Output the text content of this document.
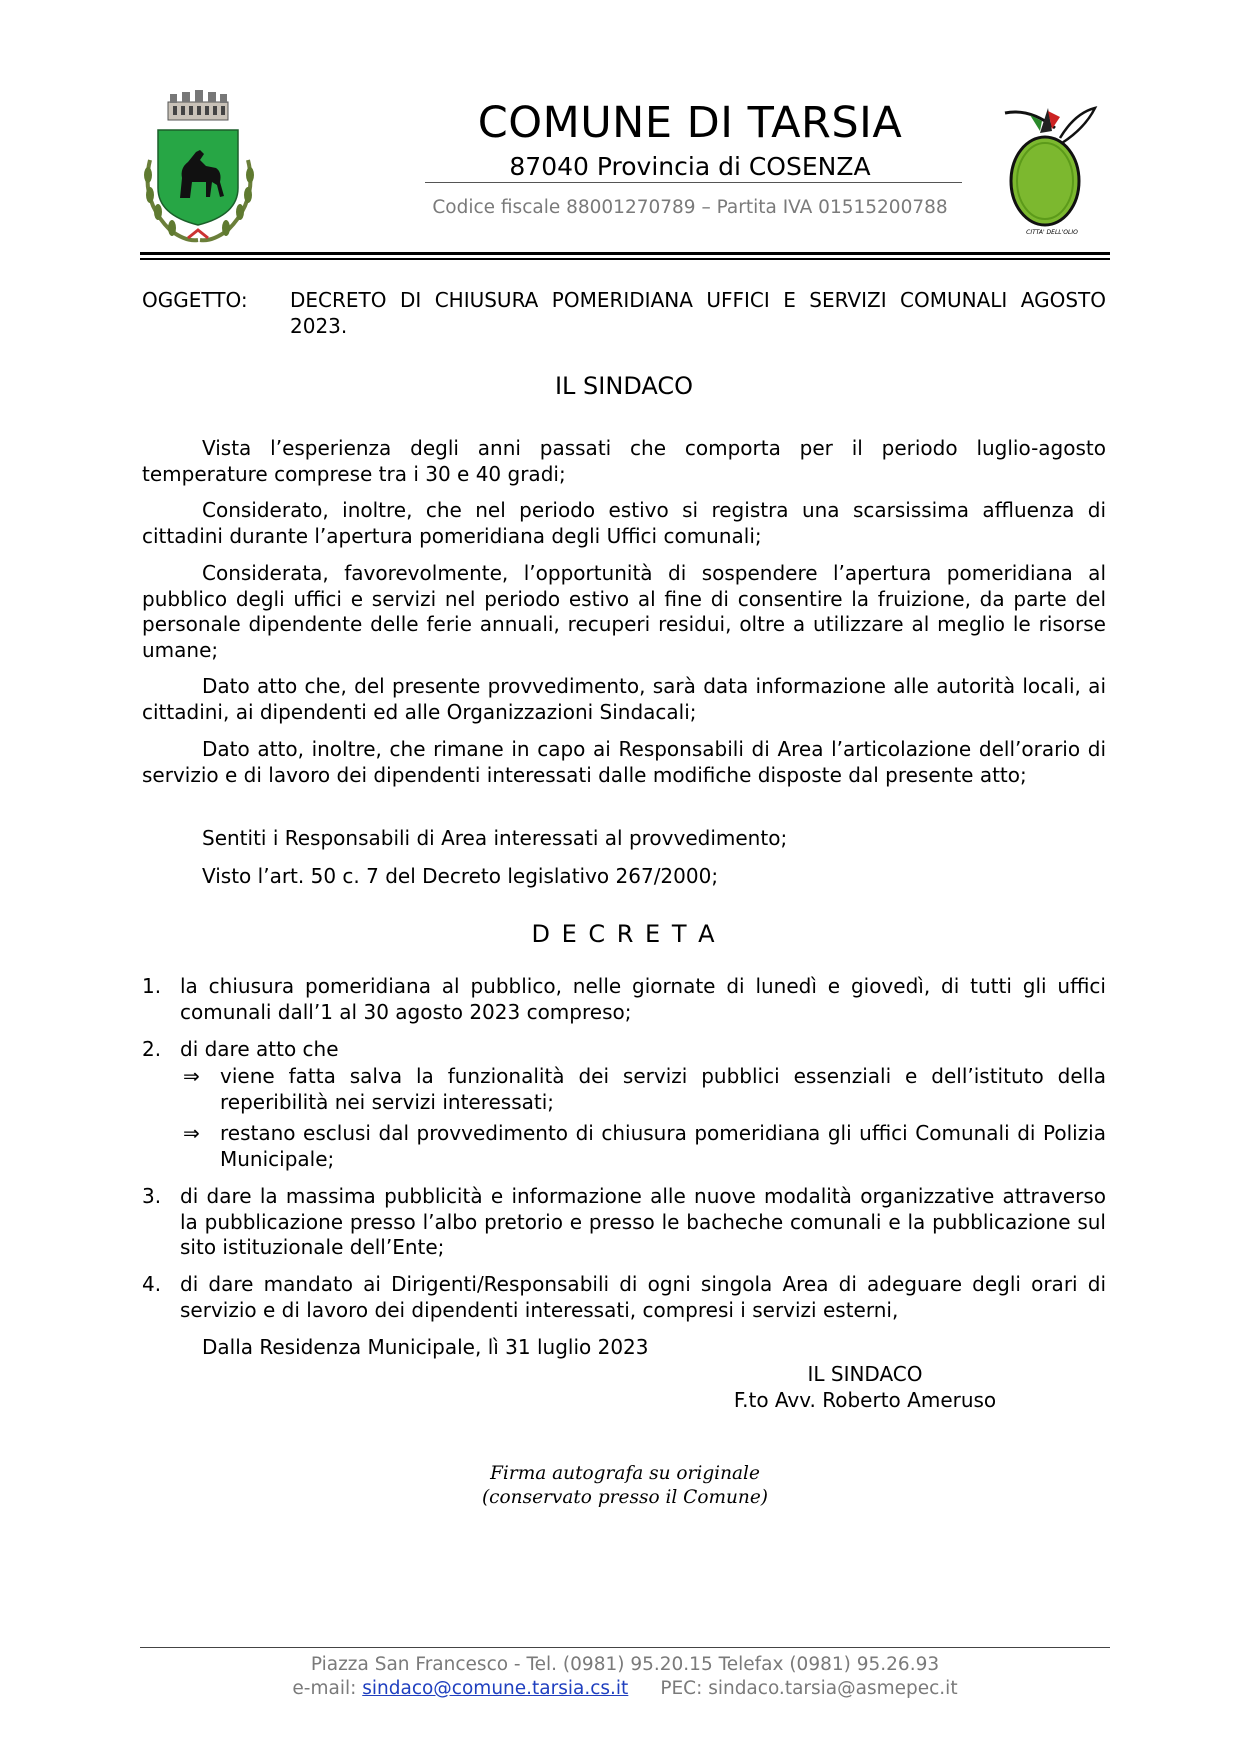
COMUNE DI TARSIA
87040 Provincia di COSENZA
Codice fiscale 88001270789 – Partita IVA 01515200788
CITTA' DELL'OLIO
OGGETTO: DECRETO DI CHIUSURA POMERIDIANA UFFICI E SERVIZI COMUNALI AGOSTO 2023.
IL SINDACO

Vista l’esperienza degli anni passati che comporta per il periodo luglio-agosto temperature comprese tra i 30 e 40 gradi;

Considerato, inoltre, che nel periodo estivo si registra una scarsissima affluenza di cittadini durante l’apertura pomeridiana degli Uffici comunali;

Considerata, favorevolmente, l’opportunità di sospendere l’apertura pomeridiana al pubblico degli uffici e servizi nel periodo estivo al fine di consentire la fruizione, da parte del personale dipendente delle ferie annuali, recuperi residui, oltre a utilizzare al meglio le risorse umane;

Dato atto che, del presente provvedimento, sarà data informazione alle autorità locali, ai cittadini, ai dipendenti ed alle Organizzazioni Sindacali;

Dato atto, inoltre, che rimane in capo ai Responsabili di Area l’articolazione dell’orario di servizio e di lavoro dei dipendenti interessati dalle modifiche disposte dal presente atto;

Sentiti i Responsabili di Area interessati al provvedimento;

Visto l’art. 50 c. 7 del Decreto legislativo 267/2000;

D E C R E T A
1. la chiusura pomeridiana al pubblico, nelle giornate di lunedì e giovedì, di tutti gli uffici comunali dall’1 al 30 agosto 2023 compreso;
2. di dare atto che
⇒ viene fatta salva la funzionalità dei servizi pubblici essenziali e dell’istituto della reperibilità nei servizi interessati;
⇒ restano esclusi dal provvedimento di chiusura pomeridiana gli uffici Comunali di Polizia Municipale;
3. di dare la massima pubblicità e informazione alle nuove modalità organizzative attraverso la pubblicazione presso l’albo pretorio e presso le bacheche comunali e la pubblicazione sul sito istituzionale dell’Ente;
4. di dare mandato ai Dirigenti/Responsabili di ogni singola Area di adeguare degli orari di servizio e di lavoro dei dipendenti interessati, compresi i servizi esterni,
Dalla Residenza Municipale, lì 31 luglio 2023
IL SINDACO
F.to Avv. Roberto Ameruso
Firma autografa su originale
(conservato presso il Comune)
Piazza San Francesco - Tel. (0981) 95.20.15 Telefax (0981) 95.26.93
e-mail: sindaco@comune.tarsia.cs.it PEC: sindaco.tarsia@asmepec.it
